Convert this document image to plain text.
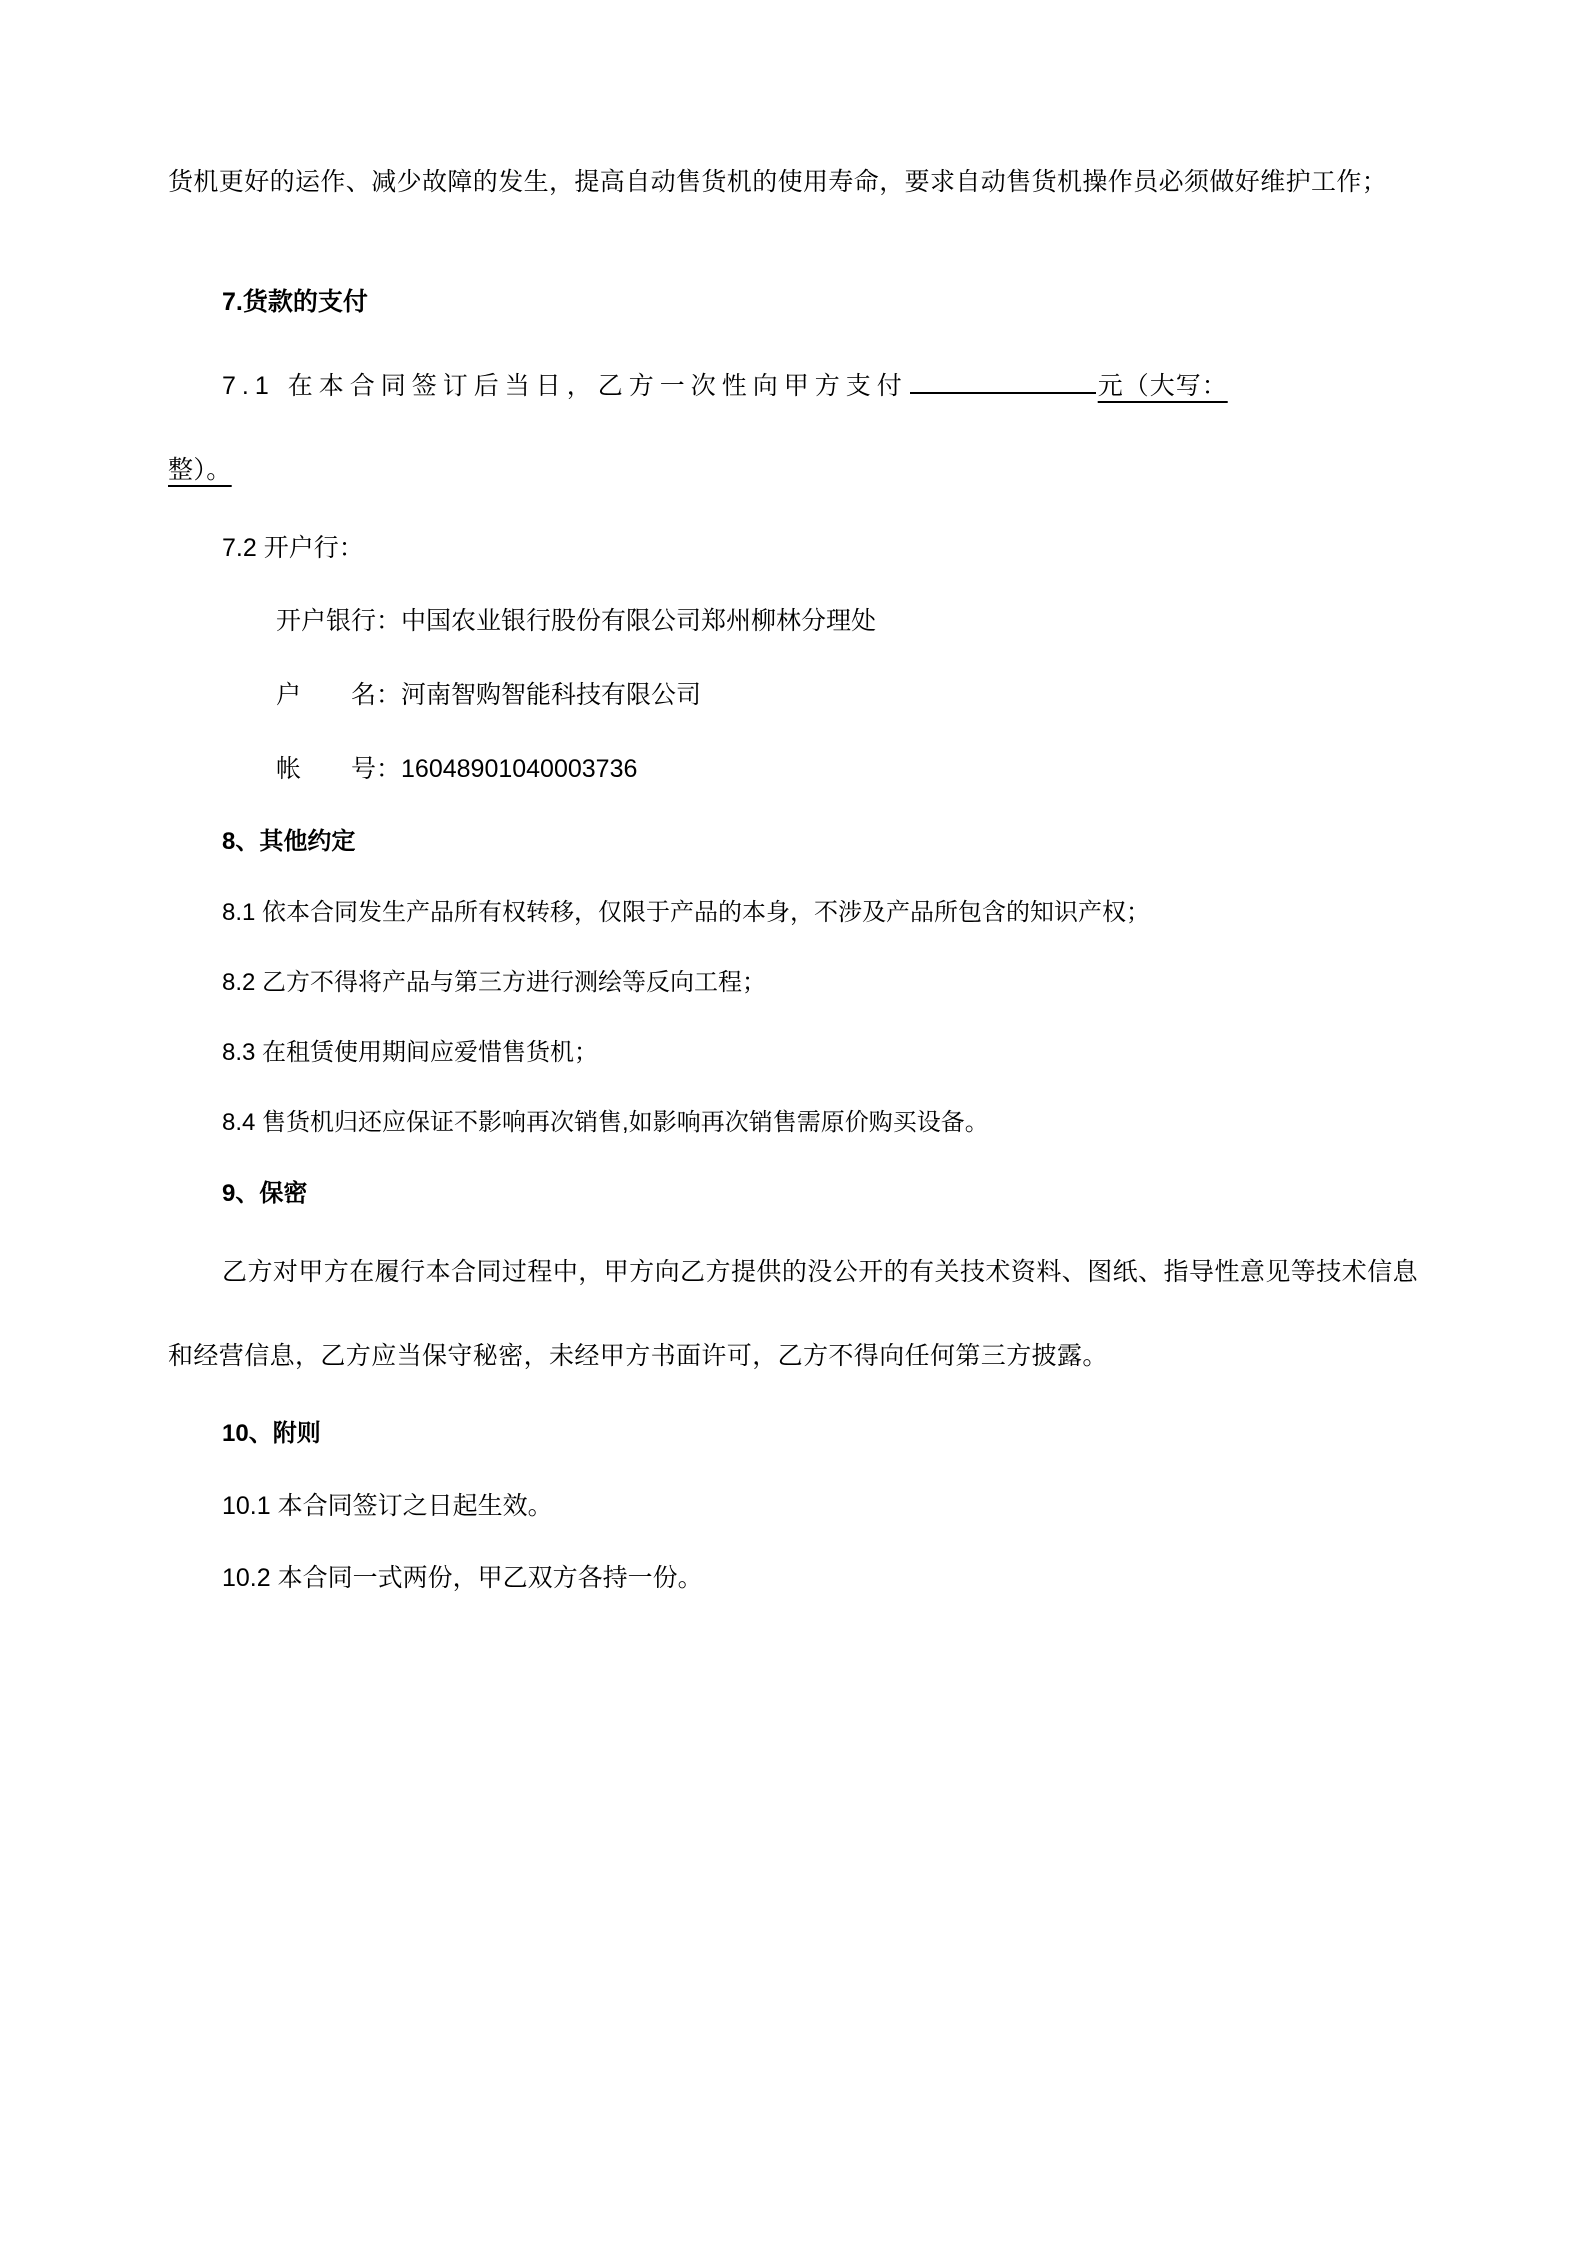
货机更好的运作、减少故障的发生，提高自动售货机的使用寿命，要求自动售货机操作员必须做好维护工作；

7.货款的支付

7.1 在本合同签订后当日，乙方一次性向甲方支付	元（大写：

整）。

7.2 开户行：

开户银行：中国农业银行股份有限公司郑州柳林分理处

户　　名：河南智购智能科技有限公司

帐　　号：16048901040003736

8、其他约定

8.1 依本合同发生产品所有权转移，仅限于产品的本身，不涉及产品所包含的知识产权；

8.2 乙方不得将产品与第三方进行测绘等反向工程；

8.3 在租赁使用期间应爱惜售货机；

8.4 售货机归还应保证不影响再次销售,如影响再次销售需原价购买设备。

9、保密

乙方对甲方在履行本合同过程中，甲方向乙方提供的没公开的有关技术资料、图纸、指导性意见等技术信息和经营信息，乙方应当保守秘密，未经甲方书面许可，乙方不得向任何第三方披露。

10、附则

10.1 本合同签订之日起生效。

10.2 本合同一式两份，甲乙双方各持一份。
